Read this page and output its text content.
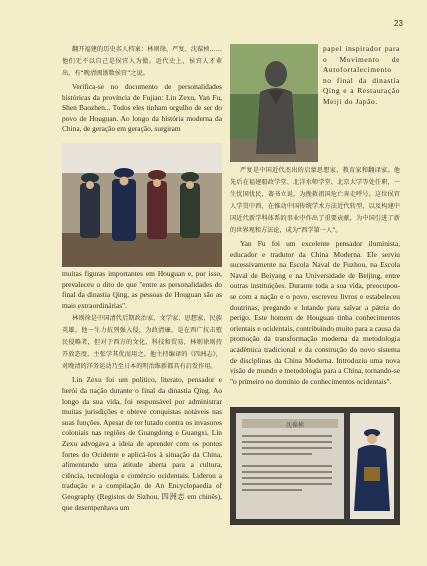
23

翻开福建的历史名人档案：林则徐、严复、沈葆桢……他们无不以自己是侯官人为傲。近代史上，侯官人才辈出，有“晚清闽浙数侯官”之说。

Verifica-se no documento de personalidades históricas da província de Fujian: Lin Zexu, Yan Fu, Shen Baozhen... Todos eles tinham orgulho de ser do povo de Houguan. Ao longo da história moderna da China, de geração em geração, surgiram

muitas figuras importantes em Houguan e, por isso, prevaleceu o dito de que "entre as personalidades do final da dinastia Qing, as pessoas de Houguan são as mais extraordinárias".

林则徐是中国清代后期政治家、文学家、思想家，民族英雄。他一生力抗列强入侵，为政清廉。是在西广抗击殖民侵略者，但对于西方的文化、科技和贸易，林则徐则持开放态度，主张学其优而用之。他主持编译的《四洲志》，对晚清的洋务运动乃至日本的明治维新都具有启发作用。

Lin Zexu foi um político, literato, pensador e herói da nação durante o final da dinastia Qing. Ao longo da sua vida, foi responsável por administrar muitas jurisdições e obteve conquistas notáveis nas suas funções. Apesar de ter lutado contra os invasores coloniais nas regiões de Guangdong e Guangxi, Lin Zexu advogava a ideia de aprender com os pontos fortes do Ocidente e aplicá-los à situação da China, alimentando uma atitude aberta para a cultura, ciência, tecnologia e comércio ocidentais. Liderou a tradução e a compilação de An Encyclopaedia of Geography (Registos de Sizhou, 四洲志 em chinês), que desempenhava um

papel inspirador para o Movimento de Autofortalecimento no final da dinastia Qing e a Restauração Meiji do Japão.

严复是中国近代杰出的启蒙思想家、教育家和翻译家。他先后在福建船政学堂、北洋水师学堂、北京大学等处任职，一生忧国忧民，著书立说，为挽救祖国危亡奔走呼号。这位侯官人学贯中西，在推动中国传统学术方法近代转型，以及构建中国近代新学科体系的事业中作出了重要贡献，为中国引进了新的世界观和方法论，成为“西学第一人”。

Yan Fu foi um excelente pensador iluminista, educador e tradutor da China Moderna. Ele serviu sucessivamente na Escola Naval de Fuzhou, na Escola Naval de Beiyang e na Universidade de Beijing, entre outras instituições. Durante toda a sua vida, preocupou-se com a nação e o povo, escreveu livros e estabeleceu doutrinas, pregando e lutando para salvar a pátria do perigo. Este homem de Houguan tinha conhecimentos orientais e ocidentais, contribuindo muito para a causa da promoção da transformação moderna da metodologia académica tradicional e da construção do novo sistema de disciplinas da China Moderna. Introduziu uma nova visão de mundo e metodologia para a China, tornando-se "o primeiro no domínio de conhecimentos ocidentais".

沈葆桢
